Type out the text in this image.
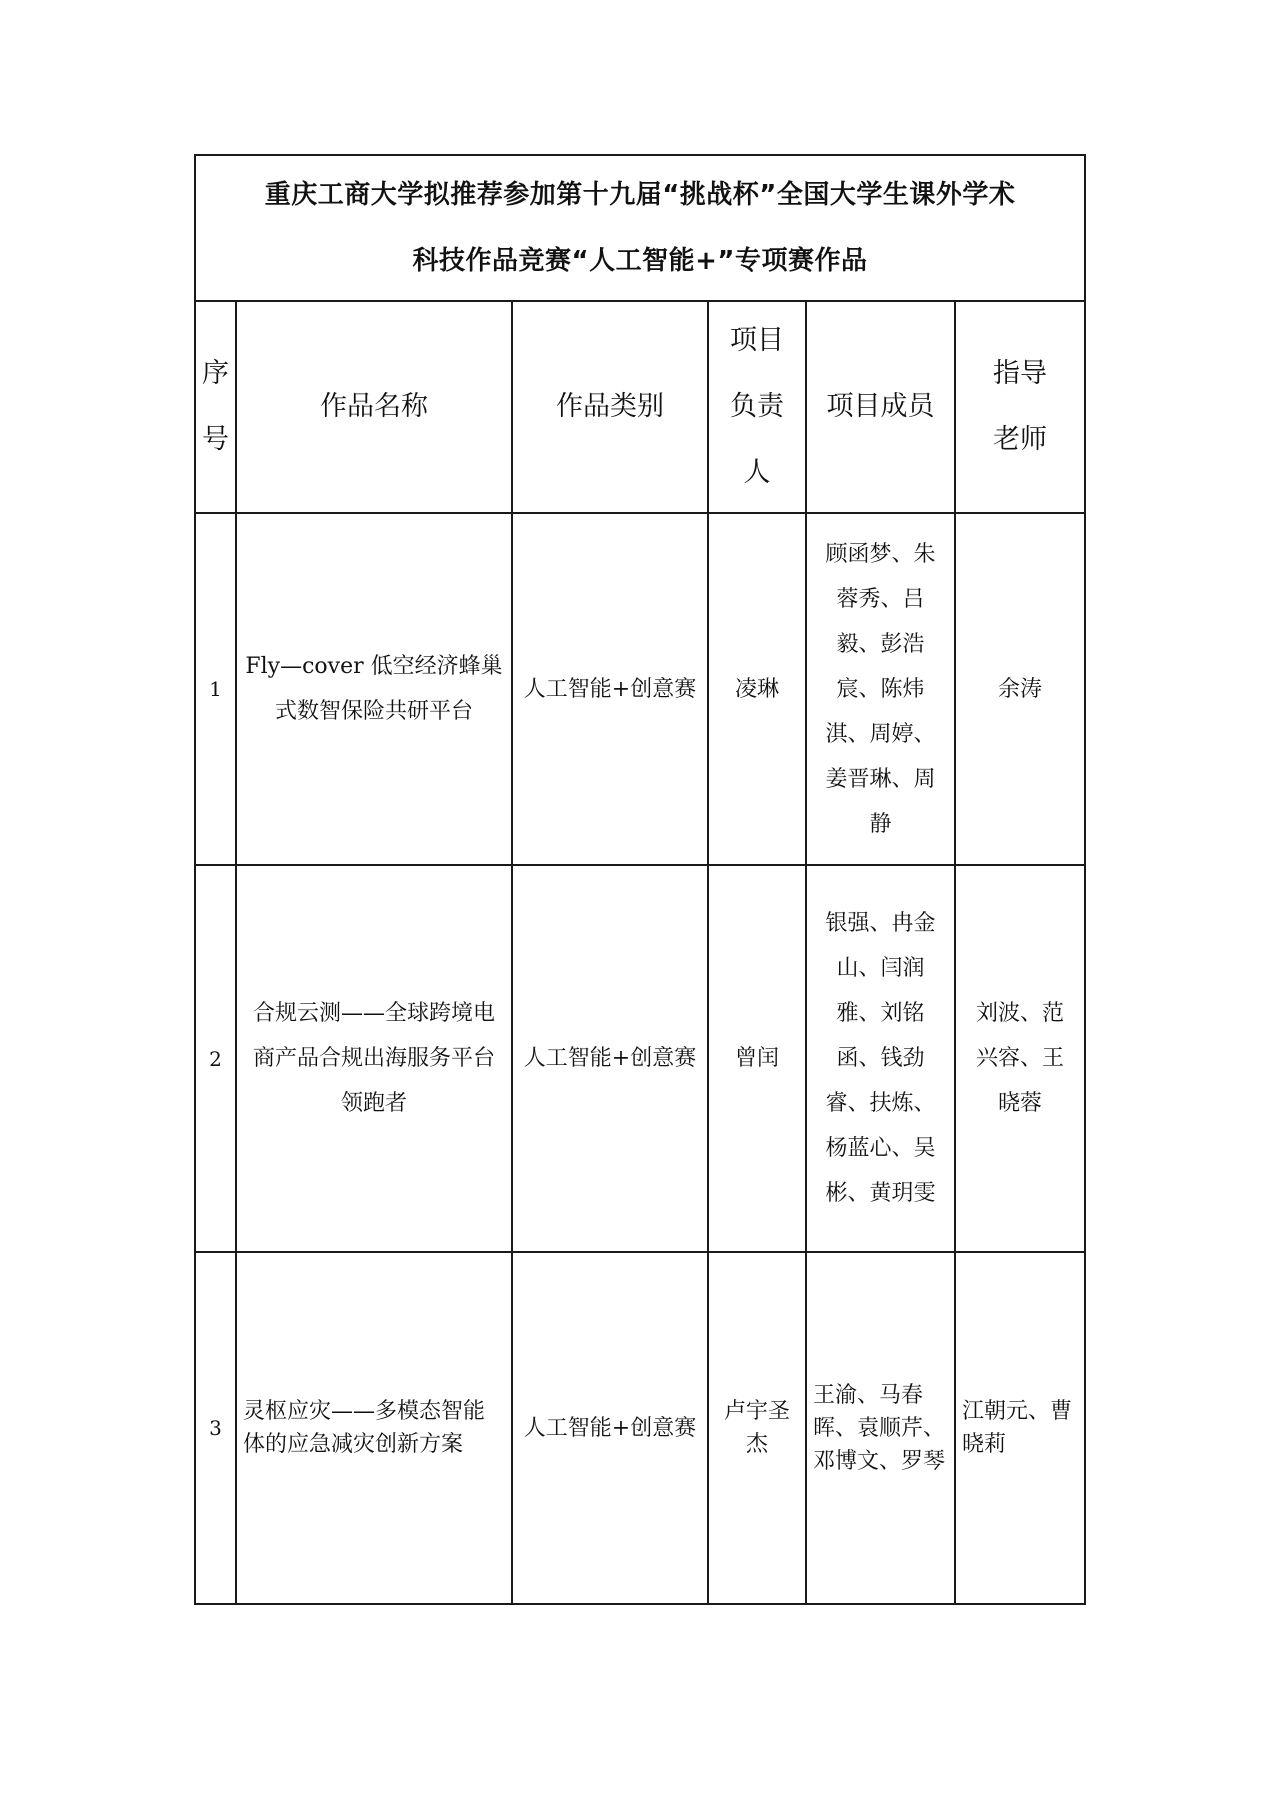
重庆工商大学拟推荐参加第十九届“挑战杯”全国大学生课外学术
科技作品竞赛“人工智能+”专项赛作品					

序号	作品名称	作品类别	项目负责人	项目成员	指导老师
1	Fly—cover 低空经济蜂巢式数智保险共研平台	人工智能+创意赛	凌琳	顾函梦、朱蓉秀、吕毅、彭浩宸、陈炜淇、周婷、姜晋琳、周静	余涛
2	合规云测——全球跨境电商产品合规出海服务平台领跑者	人工智能+创意赛	曾闰	银强、冉金山、闫润雅、刘铭函、钱劲睿、扶炼、杨蓝心、吴彬、黄玥雯	刘波、范兴容、王晓蓉
3	灵枢应灾——多模态智能体的应急减灾创新方案	人工智能+创意赛	卢宇圣杰	王渝、马春晖、袁顺芹、邓博文、罗琴	江朝元、曹晓莉
